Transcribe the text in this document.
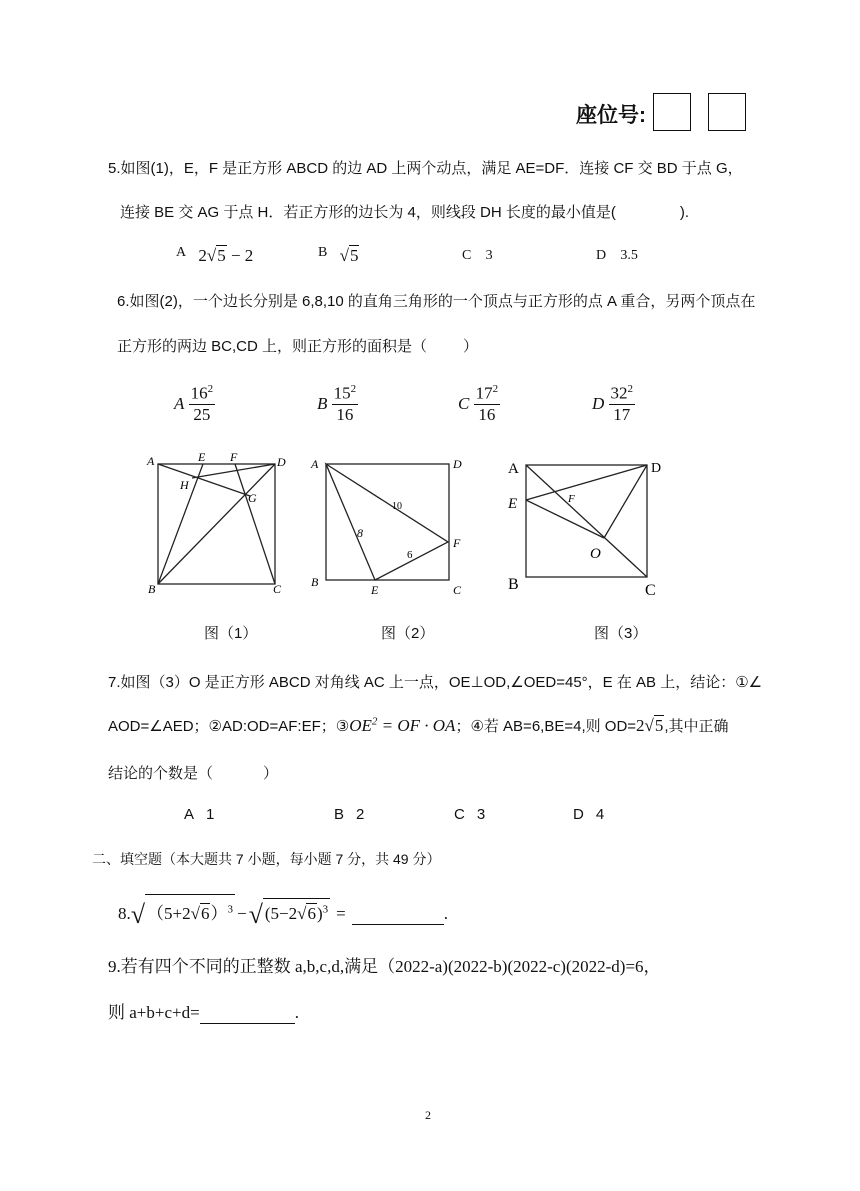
座位号:
5.如图(1)，E，F 是正方形 ABCD 的边 AD 上两个动点，满足 AE=DF．连接 CF 交 BD 于点 G，
连接 BE 交 AG 于点 H．若正方形的边长为 4，则线段 DH 长度的最小值是(	).
$^A$ 2√5 − 2	$^B$ √5	C 3	D 3.5
6.如图(2)，一个边长分别是 6,8,10 的直角三角形的一个顶点与正方形的点 A 重合，另两个顶点在
正方形的两边 BC,CD 上，则正方形的面积是（ ）
A $\frac{16^2}{25}$	B $\frac{15^2}{16}$	C $\frac{17^2}{16}$	D $\frac{32^2}{17}$
A	E F	D
H
G
B	C
A	D
F
B
E	C
10
8
6
A	D
E	F
O
B	C
图（1）	图（2）	图（3）
7.如图（3）O 是正方形 ABCD 对角线 AC 上一点，OE⊥OD,∠OED=45°，E 在 AB 上，结论：①∠
AOD=∠AED；②AD:OD=AF:EF；$③OE^2$ = OF · OA；④若 AB=6,BE=4,则 OD=2√5,其中正确
结论的个数是（	）
A 1	B 2	C 3	D 4
二、填空题（本大题共 7 小题，每小题 7 分，共 49 分）
8.√ $(5+2√6)^3$ −√ $(5-2√6)^3$ =	.
9.若有四个不同的正整数 a,b,c,d,满足（2022-a)(2022-b)(2022-c)(2022-d)=6，
则 a+b+c+d=	.
2
